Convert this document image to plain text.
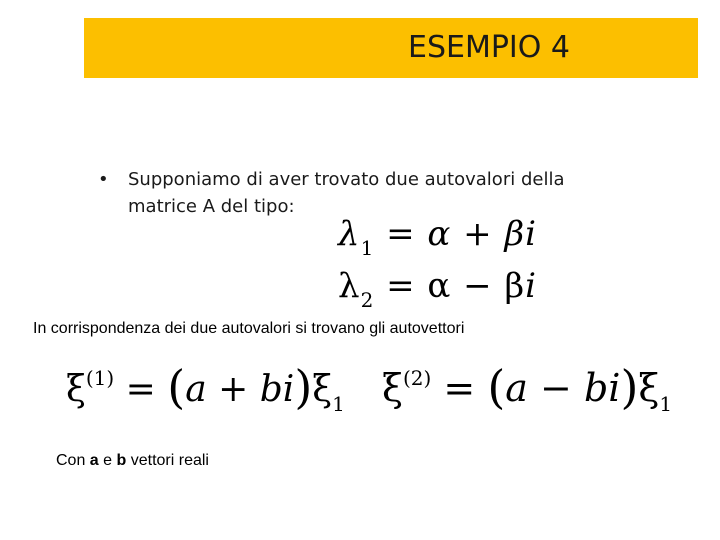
ESEMPIO 4
•	Supponiamo di aver trovato due autovalori della matrice A del tipo:
$\lambda_1 = \alpha + \beta i$
$\lambda_2 = \alpha - \beta i$
In corrispondenza dei due autovalori si trovano gli autovettori
$\xi^{(1)} = (a + bi)\xi_1$ $\xi^{(2)} = (a - bi)\xi_1$
Con a e b vettori reali
